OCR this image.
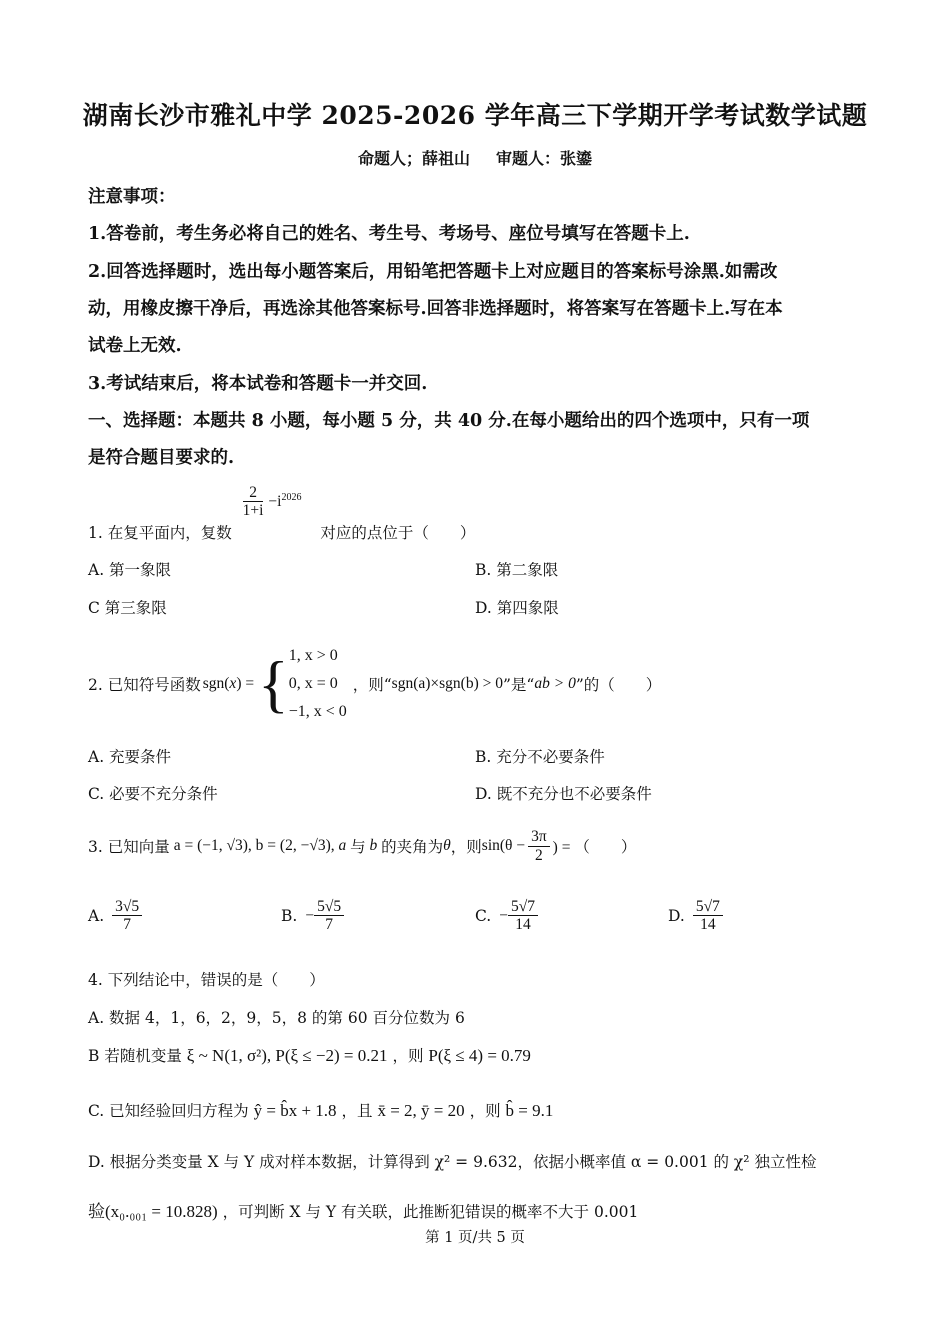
湖南长沙市雅礼中学 2025-2026 学年高三下学期开学考试数学试题
命题人；薛祖山 审题人：张鎏
注意事项：
1.答卷前，考生务必将自己的姓名、考生号、考场号、座位号填写在答题卡上.
2.回答选择题时，选出每小题答案后，用铅笔把答题卡上对应题目的答案标号涂黑.如需改
动，用橡皮擦干净后，再选涂其他答案标号.回答非选择题时，将答案写在答题卡上.写在本
试卷上无效.
3.考试结束后，将本试卷和答题卡一并交回.
一、选择题：本题共 8 小题，每小题 5 分，共 40 分.在每小题给出的四个选项中，只有一项
是符合题目要求的.
1. 在复平面内，复数
$\frac{2}{1+i} -i^{2026}$ 对应的点位于（　　）
A. 第一象限	B. 第二象限
C 第三象限	D. 第四象限
2. 已知符号函数 sgn(x) = { 1, x > 0
0, x = 0
−1, x < 0
，则“ sgn(a)×sgn(b) > 0 ”是“ ab > 0 ”的（　　）
A. 充要条件	B. 充分不必要条件
C. 必要不充分条件	D. 既不充分也不必要条件
3. 已知向量 a = (−1, √3) , b = (2, −√3) , a 与 b 的夹角为 θ ，则 $\sin(\theta - \frac{3\pi}{2}$ ) = （　　）
A. $\frac{3√5}{7}$	B. − $\frac{5√5}{7}$	C. − $\frac{5√7}{14}$	D. $\frac{5√7}{14}$
4. 下列结论中，错误的是（　　）
A. 数据 4，1，6，2，9，5，8 的第 60 百分位数为 6
B 若随机变量 ξ ~ N(1, σ²), P(ξ ≤ −2) = 0.21 ，则 P(ξ ≤ 4) = 0.79
C. 已知经验回归方程为 ŷ = b̂x + 1.8 ，且 x̄ = 2, ȳ = 20 ，则 b̂ = 9.1
D. 根据分类变量 X 与 Y 成对样本数据，计算得到 χ² = 9.632，依据小概率值 α = 0.001 的 χ² 独立性检
验(x₀.₀₀₁ = 10.828) ，可判断 X 与 Y 有关联，此推断犯错误的概率不大于 0.001
第 1 页/共 5 页
